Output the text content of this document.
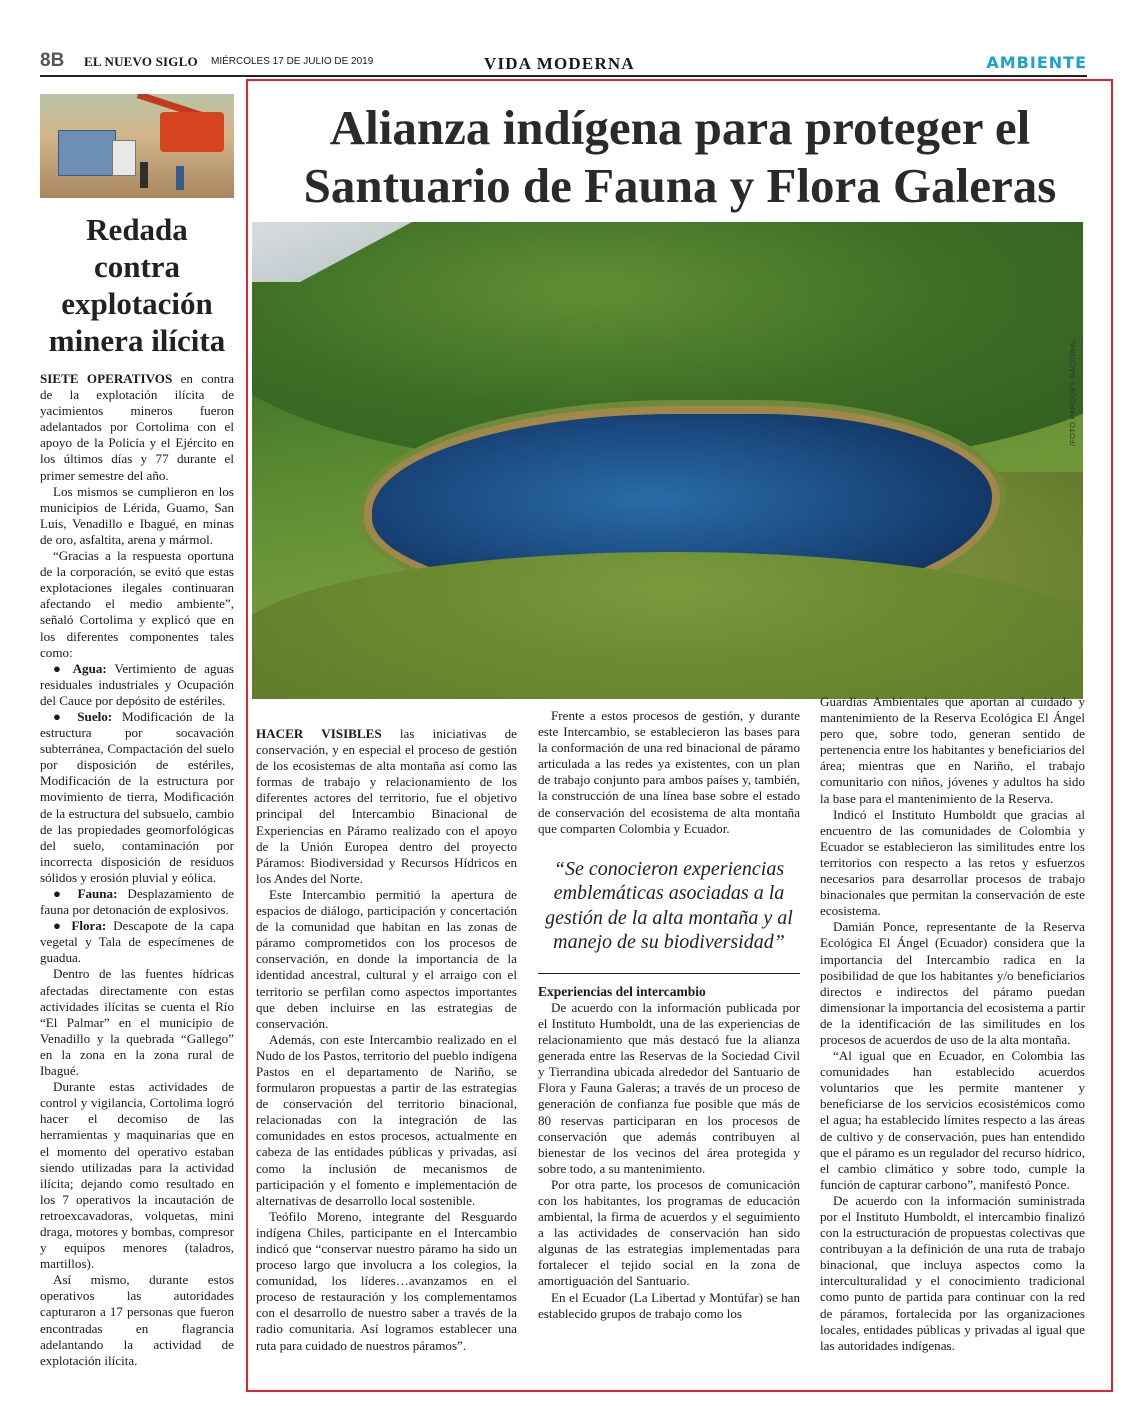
8B EL NUEVO SIGLO MIÉRCOLES 17 DE JULIO DE 2019	VIDA MODERNA	AMBIENTE
Redada contra explotación minera ilícita

SIETE OPERATIVOS en contra de la explotación ilícita de yacimientos mineros fueron adelantados por Cortolima con el apoyo de la Policía y el Ejército en los últimos días y 77 durante el primer semestre del año.

Los mismos se cumplieron en los municipios de Lérida, Guamo, San Luis, Venadillo e Ibagué, en minas de oro, asfaltita, arena y mármol.

“Gracias a la respuesta oportuna de la corporación, se evitó que estas explotaciones ilegales continuaran afectando el medio ambiente”, señaló Cortolima y explicó que en los diferentes componentes tales como:

● Agua: Vertimiento de aguas residuales industriales y Ocupación del Cauce por depósito de estériles.

● Suelo: Modificación de la estructura por socavación subterránea, Compactación del suelo por disposición de estériles, Modificación de la estructura por movimiento de tierra, Modificación de la estructura del subsuelo, cambio de las propiedades geomorfológicas del suelo, contaminación por incorrecta disposición de residuos sólidos y erosión pluvial y eólica.

● Fauna: Desplazamiento de fauna por detonación de explosivos.

● Flora: Descapote de la capa vegetal y Tala de especímenes de guadua.

Dentro de las fuentes hídricas afectadas directamente con estas actividades ilícitas se cuenta el Río “El Palmar” en el municipio de Venadillo y la quebrada “Gallego” en la zona en la zona rural de Ibagué.

Durante estas actividades de control y vigilancia, Cortolima logró hacer el decomiso de las herramientas y maquinarias que en el momento del operativo estaban siendo utilizadas para la actividad ilícita; dejando como resultado en los 7 operativos la incautación de retroexcavadoras, volquetas, mini draga, motores y bombas, compresor y equipos menores (taladros, martillos).

Así mismo, durante estos operativos las autoridades capturaron a 17 personas que fueron encontradas en flagrancia adelantando la actividad de explotación ilícita.

Alianza indígena para proteger el Santuario de Fauna y Flora Galeras
/FOTO PARQUES NACIONAL

HACER VISIBLES las iniciativas de conservación, y en especial el proceso de gestión de los ecosistemas de alta montaña así como las formas de trabajo y relacionamiento de los diferentes actores del territorio, fue el objetivo principal del Intercambio Binacional de Experiencias en Páramo realizado con el apoyo de la Unión Europea dentro del proyecto Páramos: Biodiversidad y Recursos Hídricos en los Andes del Norte.

Este Intercambio permitió la apertura de espacios de diálogo, participación y concertación de la comunidad que habitan en las zonas de páramo comprometidos con los procesos de conservación, en donde la importancia de la identidad ancestral, cultural y el arraigo con el territorio se perfilan como aspectos importantes que deben incluirse en las estrategias de conservación.

Además, con este Intercambio realizado en el Nudo de los Pastos, territorio del pueblo indígena Pastos en el departamento de Nariño, se formularon propuestas a partir de las estrategias de conservación del territorio binacional, relacionadas con la integración de las comunidades en estos procesos, actualmente en cabeza de las entidades públicas y privadas, así como la inclusión de mecanismos de participación y el fomento e implementación de alternativas de desarrollo local sostenible.

Teófilo Moreno, integrante del Resguardo indígena Chiles, participante en el Intercambio indicó que “conservar nuestro páramo ha sido un proceso largo que involucra a los colegios, la comunidad, los líderes…avanzamos en el proceso de restauración y los complementamos con el desarrollo de nuestro saber a través de la radio comunitaria. Así logramos establecer una ruta para cuidado de nuestros páramos”.

Frente a estos procesos de gestión, y durante este Intercambio, se establecieron las bases para la conformación de una red binacional de páramo articulada a las redes ya existentes, con un plan de trabajo conjunto para ambos países y, también, la construcción de una línea base sobre el estado de conservación del ecosistema de alta montaña que comparten Colombia y Ecuador.

“Se conocieron experiencias emblemáticas asociadas a la gestión de la alta montaña y al manejo de su biodiversidad”

Experiencias del intercambio

De acuerdo con la información publicada por el Instituto Humboldt, una de las experiencias de relacionamiento que más destacó fue la alianza generada entre las Reservas de la Sociedad Civil y Tierrandina ubicada alrededor del Santuario de Flora y Fauna Galeras; a través de un proceso de generación de confianza fue posible que más de 80 reservas participaran en los procesos de conservación que además contribuyen al bienestar de los vecinos del área protegida y sobre todo, a su mantenimiento.

Por otra parte, los procesos de comunicación con los habitantes, los programas de educación ambiental, la firma de acuerdos y el seguimiento a las actividades de conservación han sido algunas de las estrategias implementadas para fortalecer el tejido social en la zona de amortiguación del Santuario.

En el Ecuador (La Libertad y Montúfar) se han establecido grupos de trabajo como los

Guardias Ambientales que aportan al cuidado y mantenimiento de la Reserva Ecológica El Ángel pero que, sobre todo, generan sentido de pertenencia entre los habitantes y beneficiarios del área; mientras que en Nariño, el trabajo comunitario con niños, jóvenes y adultos ha sido la base para el mantenimiento de la Reserva.

Indicó el Instituto Humboldt que gracias al encuentro de las comunidades de Colombia y Ecuador se establecieron las similitudes entre los territorios con respecto a las retos y esfuerzos necesarios para desarrollar procesos de trabajo binacionales que permitan la conservación de este ecosistema.

Damián Ponce, representante de la Reserva Ecológica El Ángel (Ecuador) considera que la importancia del Intercambio radica en la posibilidad de que los habitantes y/o beneficiarios directos e indirectos del páramo puedan dimensionar la importancia del ecosistema a partir de la identificación de las similitudes en los procesos de acuerdos de uso de la alta montaña.

“Al igual que en Ecuador, en Colombia las comunidades han establecido acuerdos voluntarios que les permite mantener y beneficiarse de los servicios ecosistémicos como el agua; ha establecido límites respecto a las áreas de cultivo y de conservación, pues han entendido que el páramo es un regulador del recurso hídrico, el cambio climático y sobre todo, cumple la función de capturar carbono”, manifestó Ponce.

De acuerdo con la información suministrada por el Instituto Humboldt, el intercambio finalizó con la estructuración de propuestas colectivas que contribuyan a la definición de una ruta de trabajo binacional, que incluya aspectos como la interculturalidad y el conocimiento tradicional como punto de partida para continuar con la red de páramos, fortalecida por las organizaciones locales, entidades públicas y privadas al igual que las autoridades indígenas.
